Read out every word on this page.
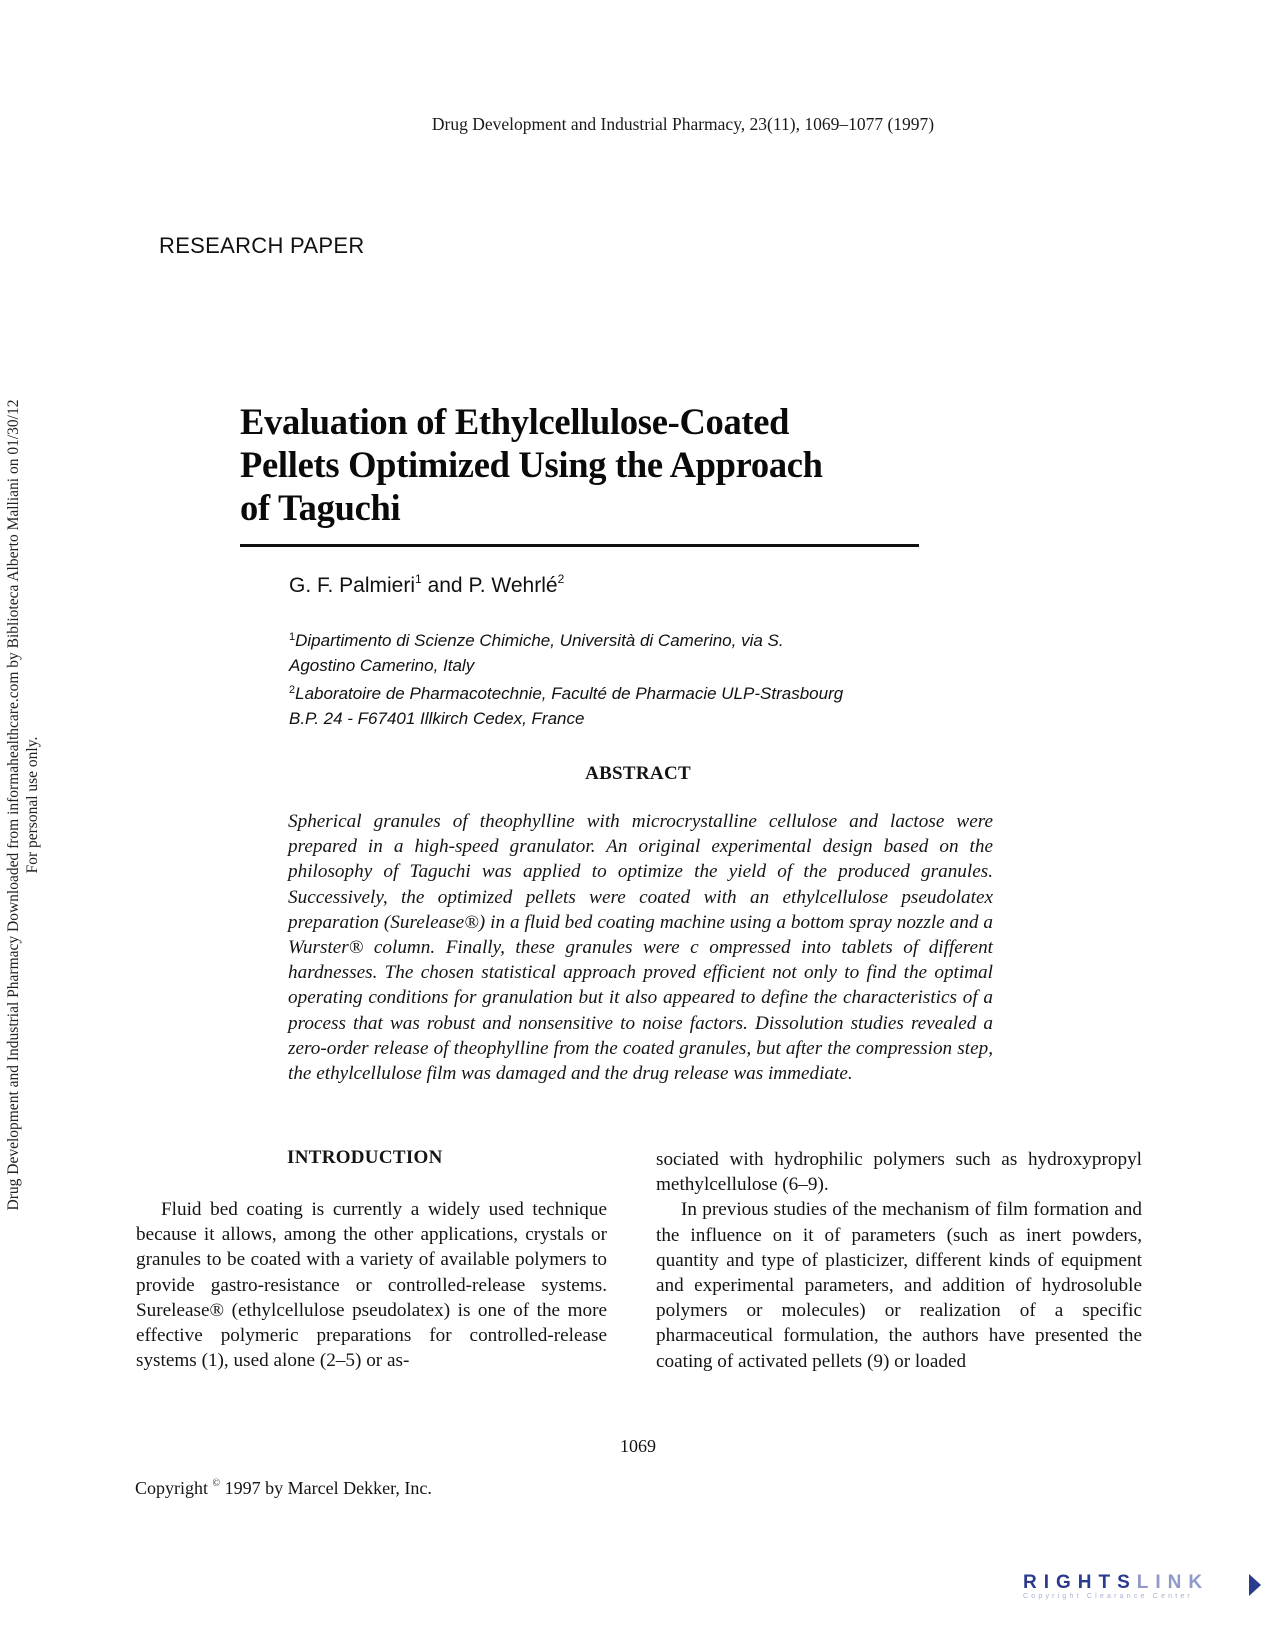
Drug Development and Industrial Pharmacy Downloaded from informahealthcare.com by Biblioteca Alberto Malliani on 01/30/12 For personal use only.
Drug Development and Industrial Pharmacy, 23(11), 1069–1077 (1997)
RESEARCH PAPER
Evaluation of Ethylcellulose-Coated
Pellets Optimized Using the Approach
of Taguchi
G. F. Palmieri$^1$ and P. Wehrlé$^2$
$^1$Dipartimento di Scienze Chimiche, Università di Camerino, via S.
Agostino Camerino, Italy
$^2$Laboratoire de Pharmacotechnie, Faculté de Pharmacie ULP-Strasbourg
B.P. 24 - F67401 Illkirch Cedex, France
ABSTRACT
Spherical granules of theophylline with microcrystalline cellulose and lactose were prepared in a high-speed granulator. An original experimental design based on the philosophy of Taguchi was applied to optimize the yield of the produced granules. Successively, the optimized pellets were coated with an ethylcellulose pseudolatex preparation (Surelease®) in a fluid bed coating machine using a bottom spray nozzle and a Wurster® column. Finally, these granules were c ompressed into tablets of different hardnesses. The chosen statistical approach proved efficient not only to find the optimal operating conditions for granulation but it also appeared to define the characteristics of a process that was robust and nonsensitive to noise factors. Dissolution studies revealed a zero-order release of theophylline from the coated granules, but after the compression step, the ethylcellulose film was damaged and the drug release was immediate.
INTRODUCTION

Fluid bed coating is currently a widely used technique because it allows, among the other applications, crystals or granules to be coated with a variety of available polymers to provide gastro-resistance or controlled-release systems. Surelease® (ethylcellulose pseudolatex) is one of the more effective polymeric preparations for controlled-release systems (1), used alone (2–5) or as-

sociated with hydrophilic polymers such as hydroxypropyl methylcellulose (6–9).

In previous studies of the mechanism of film formation and the influence on it of parameters (such as inert powders, quantity and type of plasticizer, different kinds of equipment and experimental parameters, and addition of hydrosoluble polymers or molecules) or realization of a specific pharmaceutical formulation, the authors have presented the coating of activated pellets (9) or loaded

1069
Copyright © 1997 by Marcel Dekker, Inc.
RIGHTSLINK
Copyright Clearance Center
